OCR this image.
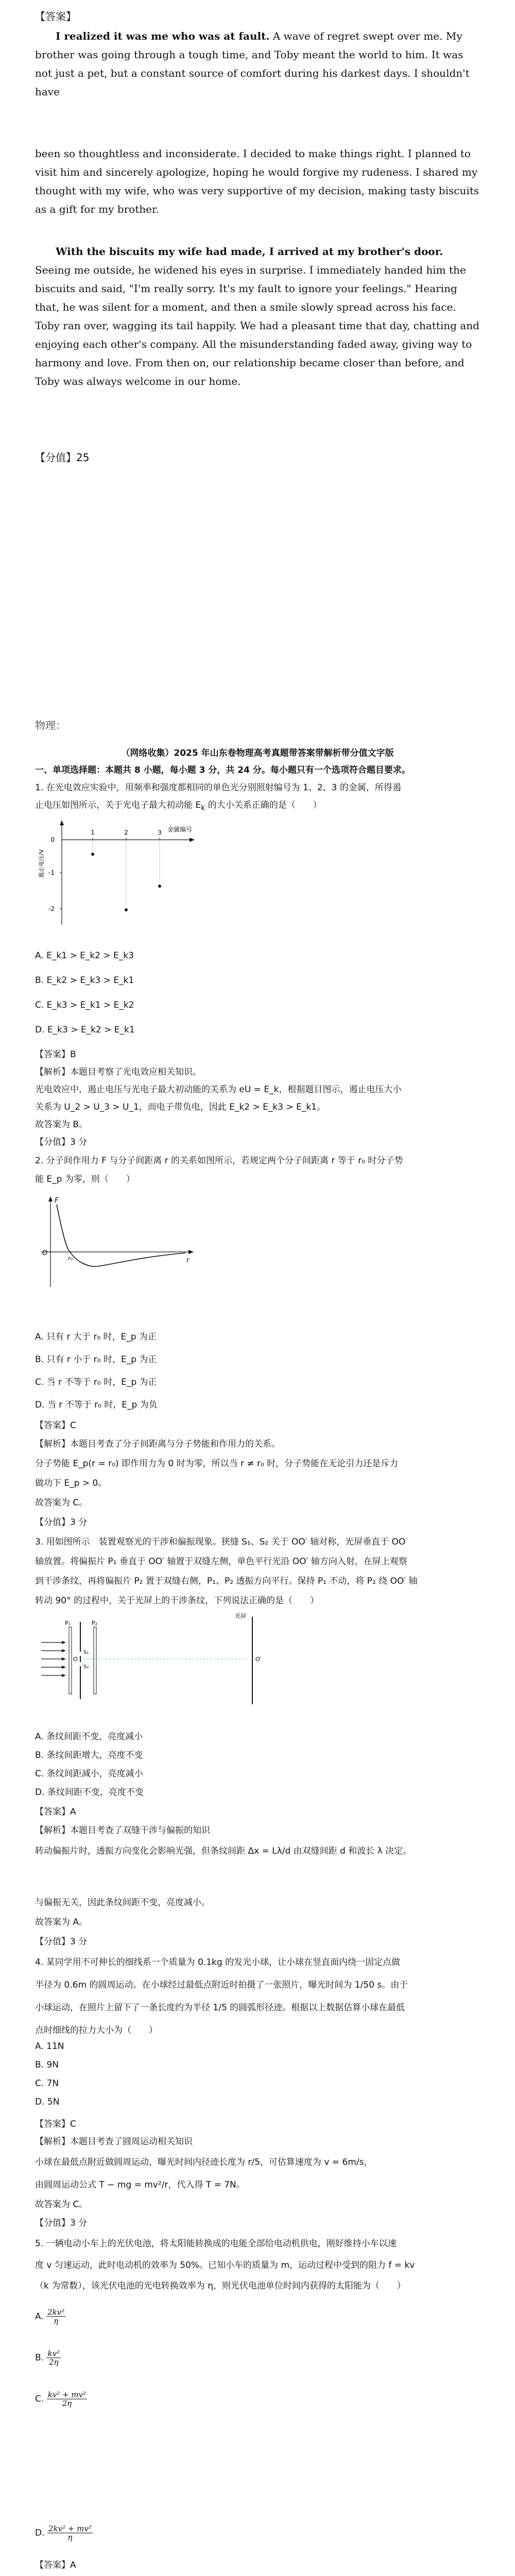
【答案】
I realized it was me who was at fault. A wave of regret swept over me. My brother was going through a tough time, and Toby meant the world to him. It was not just a pet, but a constant source of comfort during his darkest days. I shouldn't have
been so thoughtless and inconsiderate. I decided to make things right. I planned to visit him and sincerely apologize, hoping he would forgive my rudeness. I shared my thought with my wife, who was very supportive of my decision, making tasty biscuits as a gift for my brother.
With the biscuits my wife had made, I arrived at my brother's door. Seeing me outside, he widened his eyes in surprise. I immediately handed him the biscuits and said, "I'm really sorry. It's my fault to ignore your feelings." Hearing that, he was silent for a moment, and then a smile slowly spread across his face. Toby ran over, wagging its tail happily. We had a pleasant time that day, chatting and enjoying each other's company. All the misunderstanding faded away, giving way to harmony and love. From then on, our relationship became closer than before, and Toby was always welcome in our home.
【分值】25
物理：
（网络收集）2025 年山东卷物理高考真题带答案带解析带分值文字版
一、单项选择题：本题共 8 小题，每小题 3 分，共 24 分。每小题只有一个选项符合题目要求。
1. 在光电效应实验中，用频率和强度都相同的单色光分别照射编号为 1、2、3 的金属，所得遏
止电压如图所示，关于光电子最大初动能 $E_k$ 的大小关系正确的是（　　）
0
-1
-2
1	2	3 金属编号
遏止电压/V
A. E_k1 > E_k2 > E_k3
B. E_k2 > E_k3 > E_k1
C. E_k3 > E_k1 > E_k2
D. E_k3 > E_k2 > E_k1
【答案】B
【解析】本题目考察了光电效应相关知识。
光电效应中，遏止电压与光电子最大初动能的关系为 eU = E_k，根据题目图示，遏止电压大小
关系为 U_2 > U_3 > U_1，而电子带负电，因此 E_k2 > E_k3 > E_k1。
故答案为 B。
【分值】3 分
2. 分子间作用力 F 与分子间距离 r 的关系如图所示，若规定两个分子间距离 r 等于 r₀ 时分子势
能 E_p 为零，则（　　）
F
r
O
r₀
A. 只有 r 大于 r₀ 时，E_p 为正
B. 只有 r 小于 r₀ 时，E_p 为正
C. 当 r 不等于 r₀ 时，E_p 为正
D. 当 r 不等于 r₀ 时，E_p 为负
【答案】C
【解析】本题目考查了分子间距离与分子势能和作用力的关系。
分子势能 E_p(r = r₀) 即作用力为 0 时为零，所以当 r ≠ r₀ 时，分子势能在无论引力还是斥力
做功下 E_p > 0。
故答案为 C。
【分值】3 分
3. 用如图所示　装置观察光的干涉和偏振现象。狭缝 S₁、S₂ 关于 OO′ 轴对称，光屏垂直于 OO′
轴放置。将偏振片 P₁ 垂直于 OO′ 轴置于双缝左侧，单色平行光沿 OO′ 轴方向入射，在屏上观察
到干涉条纹，再将偏振片 P₂ 置于双缝右侧，P₁、P₂ 透振方向平行。保持 P₁ 不动，将 P₂ 绕 OO′ 轴
转动 90° 的过程中，关于光屏上的干涉条纹，下列说法正确的是（　　）
P₁
S₁
S₂
O
P₂
光屏
O′
A. 条纹间距不变，亮度减小
B. 条纹间距增大，亮度不变
C. 条纹间距减小，亮度减小
D. 条纹间距不变，亮度不变
【答案】A
【解析】本题目考查了双缝干涉与偏振的知识
转动偏振片时，透振方向变化会影响光强，但条纹间距 Δx = Lλ/d 由双缝间距 d 和波长 λ 决定。
与偏振无关，因此条纹间距不变，亮度减小。
故答案为 A。
【分值】3 分
4. 某同学用不可伸长的细线系一个质量为 0.1kg 的发光小球，让小球在竖直面内绕一固定点做
半径为 0.6m 的圆周运动。在小球经过最低点附近时拍摄了一张照片，曝光时间为 1/50 s。由于
小球运动，在照片上留下了一条长度约为半径 1/5 的圆弧形径迹。根据以上数据估算小球在最低
点时细线的拉力大小为（　　）
A. 11N
B. 9N
C. 7N
D. 5N
【答案】C
【解析】本题目考查了圆周运动相关知识
小球在最低点附近做圆周运动，曝光时间内径迹长度为 r/5，可估算速度为 v = 6m/s，
由圆周运动公式 T − mg = mv²/r，代入得 T = 7N。
故答案为 C。
【分值】3 分
5. 一辆电动小车上的光伏电池，将太阳能转换成的电能全部给电动机供电，刚好维持小车以速
度 v 匀速运动，此时电动机的效率为 50%。已知小车的质量为 m，运动过程中受到的阻力 f = kv
（k 为常数），该光伏电池的光电转换效率为 η，则光伏电池单位时间内获得的太阳能为（　　）
A. $\frac{\text{2kv²}}{\eta}$
B. $\frac{\text{kv²}}{2\eta}$
C. $\frac{\text{kv² + mv²}}{2\eta}$
D. $\frac{\text{2kv² + mv²}}{\eta}$
【答案】A
